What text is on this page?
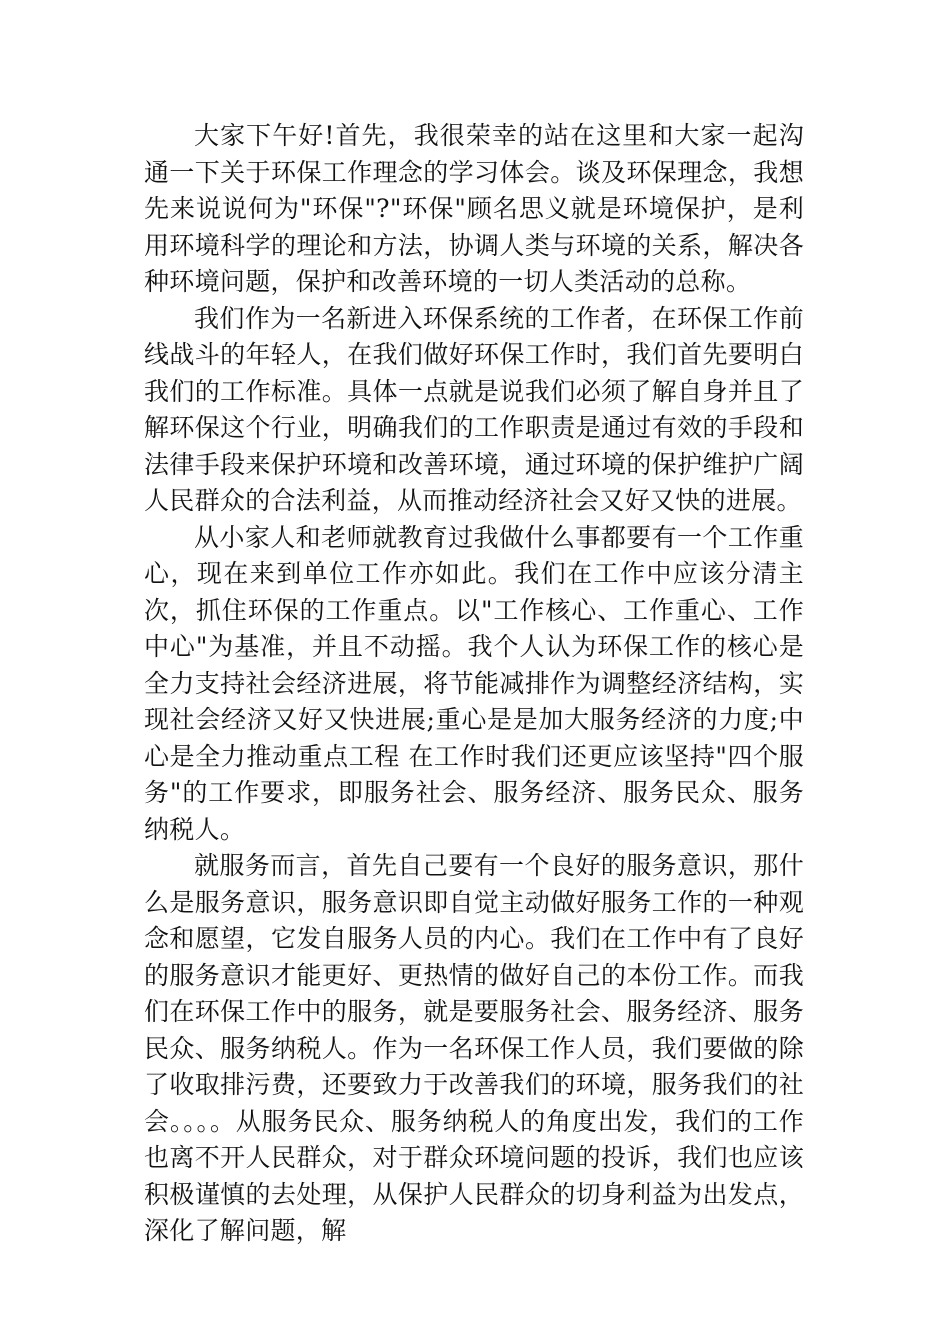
大家下午好!首先，我很荣幸的站在这里和大家一起沟通一下关于环保工作理念的学习体会。谈及环保理念，我想先来说说何为"环保"?"环保"顾名思义就是环境保护，是利用环境科学的理论和方法，协调人类与环境的关系，解决各种环境问题，保护和改善环境的一切人类活动的总称。

我们作为一名新进入环保系统的工作者，在环保工作前线战斗的年轻人，在我们做好环保工作时，我们首先要明白我们的工作标准。具体一点就是说我们必须了解自身并且了解环保这个行业，明确我们的工作职责是通过有效的手段和法律手段来保护环境和改善环境，通过环境的保护维护广阔人民群众的合法利益，从而推动经济社会又好又快的进展。

从小家人和老师就教育过我做什么事都要有一个工作重心，现在来到单位工作亦如此。我们在工作中应该分清主次，抓住环保的工作重点。以"工作核心、工作重心、工作中心"为基准，并且不动摇。我个人认为环保工作的核心是全力支持社会经济进展，将节能减排作为调整经济结构，实现社会经济又好又快进展;重心是是加大服务经济的力度;中心是全力推动重点工程 在工作时我们还更应该坚持"四个服务"的工作要求，即服务社会、服务经济、服务民众、服务纳税人。

就服务而言，首先自己要有一个良好的服务意识，那什么是服务意识，服务意识即自觉主动做好服务工作的一种观念和愿望，它发自服务人员的内心。我们在工作中有了良好的服务意识才能更好、更热情的做好自己的本份工作。而我们在环保工作中的服务，就是要服务社会、服务经济、服务民众、服务纳税人。作为一名环保工作人员，我们要做的除了收取排污费，还要致力于改善我们的环境，服务我们的社会。。。。从服务民众、服务纳税人的角度出发，我们的工作也离不开人民群众，对于群众环境问题的投诉，我们也应该积极谨慎的去处理，从保护人民群众的切身利益为出发点，深化了解问题，解
